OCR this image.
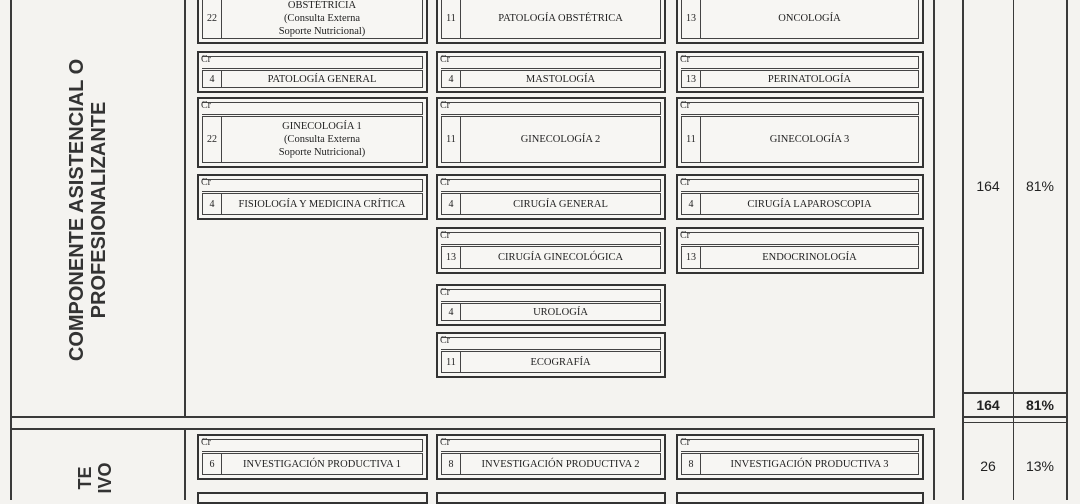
COMPONENTE ASISTENCIAL O
PROFESIONALIZANTE
TE
IVO
164	81%
164	81%
26	13%
22
OBSTÉTRICIA
(Consulta Externa
Soporte Nutricional)
11	PATOLOGÍA OBSTÉTRICA	13	ONCOLOGÍA
Cr
4	PATOLOGÍA GENERAL
Cr
4	MASTOLOGÍA
Cr
13	PERINATOLOGÍA
Cr
22
GINECOLOGÍA 1
(Consulta Externa
Soporte Nutricional)
Cr
11	GINECOLOGÍA 2
Cr
11	GINECOLOGÍA 3
Cr
4	FISIOLOGÍA Y MEDICINA CRÍTICA
Cr
4	CIRUGÍA GENERAL
Cr
4	CIRUGÍA LAPAROSCOPIA
Cr
13	CIRUGÍA GINECOLÓGICA
Cr
13	ENDOCRINOLOGÍA
Cr
4	UROLOGÍA
Cr
11	ECOGRAFÍA
Cr
6	INVESTIGACIÓN PRODUCTIVA 1
Cr
8	INVESTIGACIÓN PRODUCTIVA 2
Cr
8	INVESTIGACIÓN PRODUCTIVA 3
